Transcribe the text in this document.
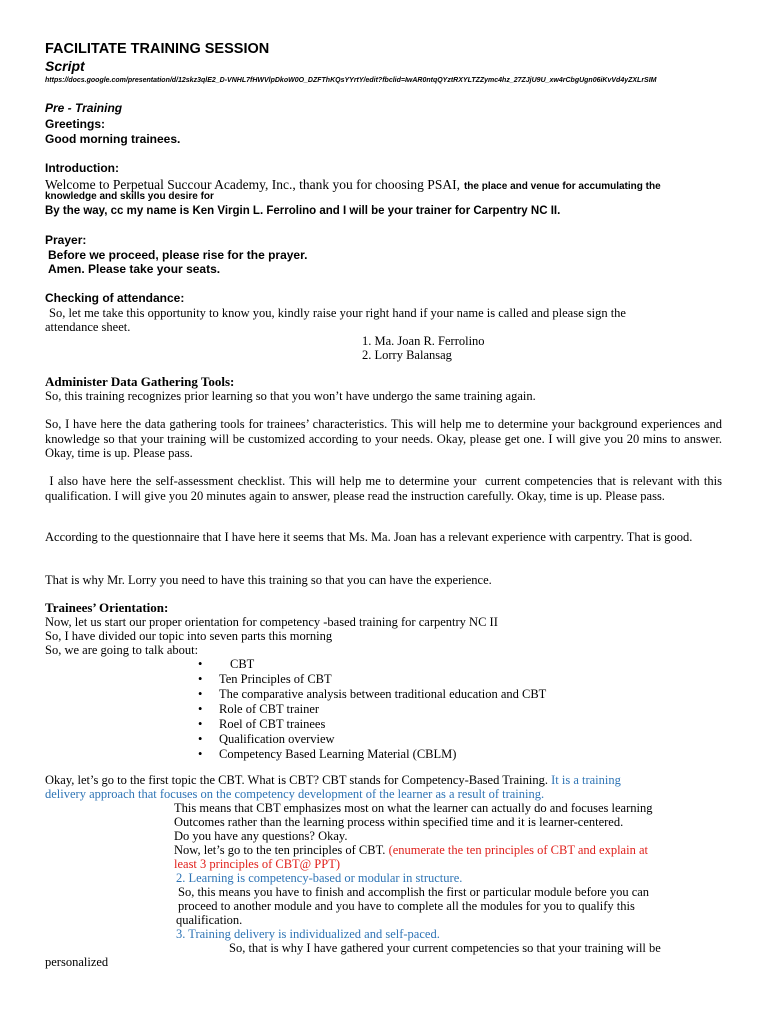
FACILITATE TRAINING SESSION
Script
https://docs.google.com/presentation/d/12skz3qlE2_D-VNHL7fHWVlpDkoW0O_DZFThKQsYYrtY/edit?fbclid=IwAR0ntqQYztRXYLTZZymc4hz_27ZJjU9U_xw4rCbgUgn06iKvVd4yZXLrSIM
Pre - Training
Greetings:
Good morning trainees.
Introduction:
Welcome to Perpetual Succour Academy, Inc., thank you for choosing PSAI, the place and venue for accumulating the
knowledge and skills you desire for
By the way, cc my name is Ken Virgin L. Ferrolino and I will be your trainer for Carpentry NC II.
Prayer:
Before we proceed, please rise for the prayer.
Amen. Please take your seats.
Checking of attendance:
So, let me take this opportunity to know you, kindly raise your right hand if your name is called and please sign the
attendance sheet.
1. Ma. Joan R. Ferrolino
2. Lorry Balansag
Administer Data Gathering Tools:
So, this training recognizes prior learning so that you won’t have undergo the same training again.

So, I have here the data gathering tools for trainees’ characteristics. This will help me to determine your background experiences and knowledge so that your training will be customized according to your needs. Okay, please get one. I will give you 20 mins to answer. Okay, time is up. Please pass.

I also have here the self-assessment checklist. This will help me to determine your  current competencies that is relevant with this qualification. I will give you 20 minutes again to answer, please read the instruction carefully. Okay, time is up. Please pass.

According to the questionnaire that I have here it seems that Ms. Ma. Joan has a relevant experience with carpentry. That is good.

That is why Mr. Lorry you need to have this training so that you can have the experience.
Trainees’ Orientation:
Now, let us start our proper orientation for competency -based training for carpentry NC II
So, I have divided our topic into seven parts this morning
So, we are going to talk about:
• CBT
• Ten Principles of CBT
• The comparative analysis between traditional education and CBT
• Role of CBT trainer
• Roel of CBT trainees
• Qualification overview
• Competency Based Learning Material (CBLM)
Okay, let’s go to the first topic the CBT. What is CBT? CBT stands for Competency-Based Training. It is a training
delivery approach that focuses on the competency development of the learner as a result of training.
This means that CBT emphasizes most on what the learner can actually do and focuses learning
Outcomes rather than the learning process within specified time and it is learner-centered.
Do you have any questions? Okay.
Now, let’s go to the ten principles of CBT. (enumerate the ten principles of CBT and explain at
least 3 principles of CBT@ PPT)
2. Learning is competency-based or modular in structure.
So, this means you have to finish and accomplish the first or particular module before you can
proceed to another module and you have to complete all the modules for you to qualify this
qualification.
3. Training delivery is individualized and self-paced.
So, that is why I have gathered your current competencies so that your training will be
personalized
